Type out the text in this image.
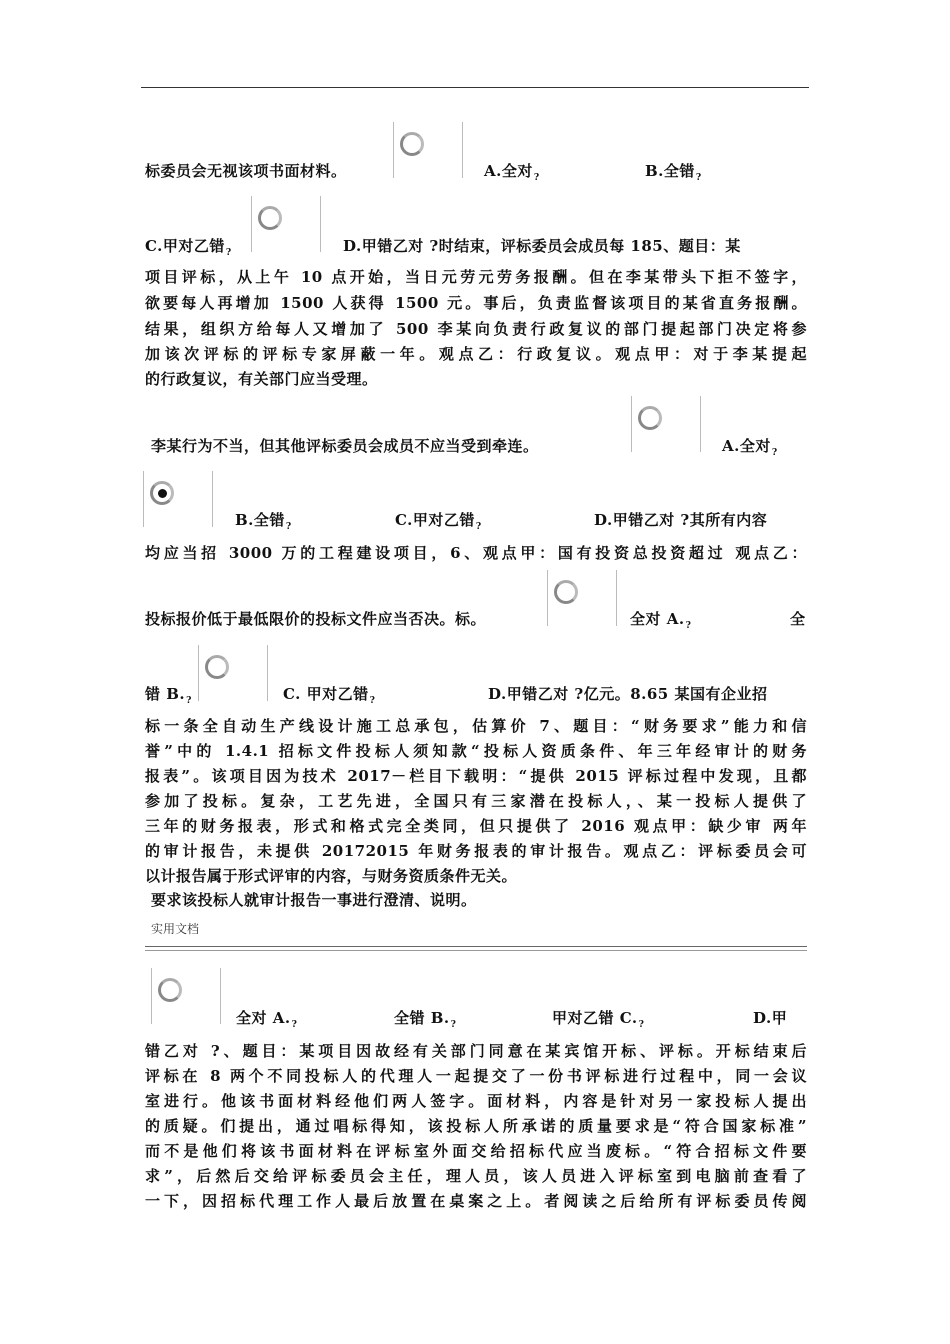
标委员会无视该项书面材料。	A.全对$_?$	B.全错$_?$
C.甲对乙错$_?$	D.甲错乙对 ?时结束，评标委员会成员每 185、题目：某
项目评标，从上午 10 点开始，当日元劳元劳务报酬。但在李某带头下拒不签字，
欲要每人再增加 1500 人获得 1500 元。事后，负责监督该项目的某省直务报酬。
结果，组织方给每人又增加了 500 李某向负责行政复议的部门提起部门决定将参
加该次评标的评标专家屏蔽一年。观点乙：行政复议。观点甲：对于李某提起
的行政复议，有关部门应当受理。
李某行为不当，但其他评标委员会成员不应当受到牵连。	A.全对$_?$
B.全错$_?$	C.甲对乙错$_?$	D.甲错乙对 ?其所有内容
均应当招 3000 万的工程建设项目，6、观点甲：国有投资总投资超过 观点乙：
投标报价低于最低限价的投标文件应当否决。标。	全对 $A._?$	全
错 $B._?$	C. 甲对乙错$_?$	D.甲错乙对 ?亿元。8.65 某国有企业招
标一条全自动生产线设计施工总承包，估算价 7、题目：“财务要求”能力和信
誉”中的 1.4.1 招标文件投标人须知款“投标人资质条件、年三年经审计的财务
报表”。该项目因为技术 2017－栏目下载明：“提供 2015 评标过程中发现，且都
参加了投标。复杂，工艺先进，全国只有三家潜在投标人，、某一投标人提供了
三年的财务报表，形式和格式完全类同，但只提供了 2016 观点甲：缺少审 两年
的审计报告，未提供 20172015 年财务报表的审计报告。观点乙：评标委员会可
以计报告属于形式评审的内容，与财务资质条件无关。
要求该投标人就审计报告一事进行澄清、说明。
实用文档
全对 $A._?$	全错 $B._?$	甲对乙错 $C._?$	D.甲
错乙对 ?、题目：某项目因故经有关部门同意在某宾馆开标、评标。开标结束后
评标在 8 两个不同投标人的代理人一起提交了一份书评标进行过程中，同一会议
室进行。他该书面材料经他们两人签字。面材料，内容是针对另一家投标人提出
的质疑。们提出，通过唱标得知，该投标人所承诺的质量要求是“符合国家标准”
而不是他们将该书面材料在评标室外面交给招标代应当废标。“符合招标文件要
求”，后然后交给评标委员会主任，理人员，该人员进入评标室到电脑前查看了
一下，因招标代理工作人最后放置在桌案之上。者阅读之后给所有评标委员传阅
